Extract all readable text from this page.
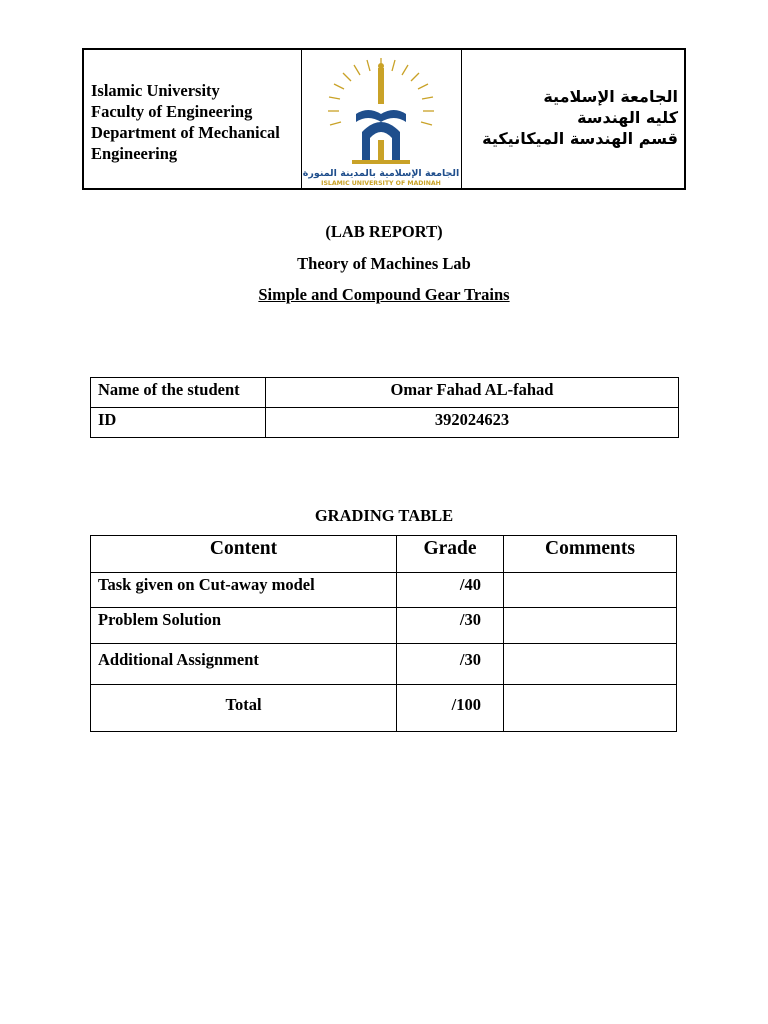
Islamic University
Faculty of Engineering
Department of Mechanical
Engineering
الجامعة الإسلامية بالمدينة المنورة
ISLAMIC UNIVERSITY OF MADINAH
الجامعة الإسلامية
كليه الهندسة
قسم الهندسة الميكانيكية
(LAB REPORT)
Theory of Machines Lab
Simple and Compound Gear Trains
Name of the student	Omar Fahad AL-fahad
ID	392024623
GRADING TABLE
Content	Grade	Comments
Task given on Cut-away model	/40	
Problem Solution	/30	
Additional Assignment	/30	
Total	/100	
